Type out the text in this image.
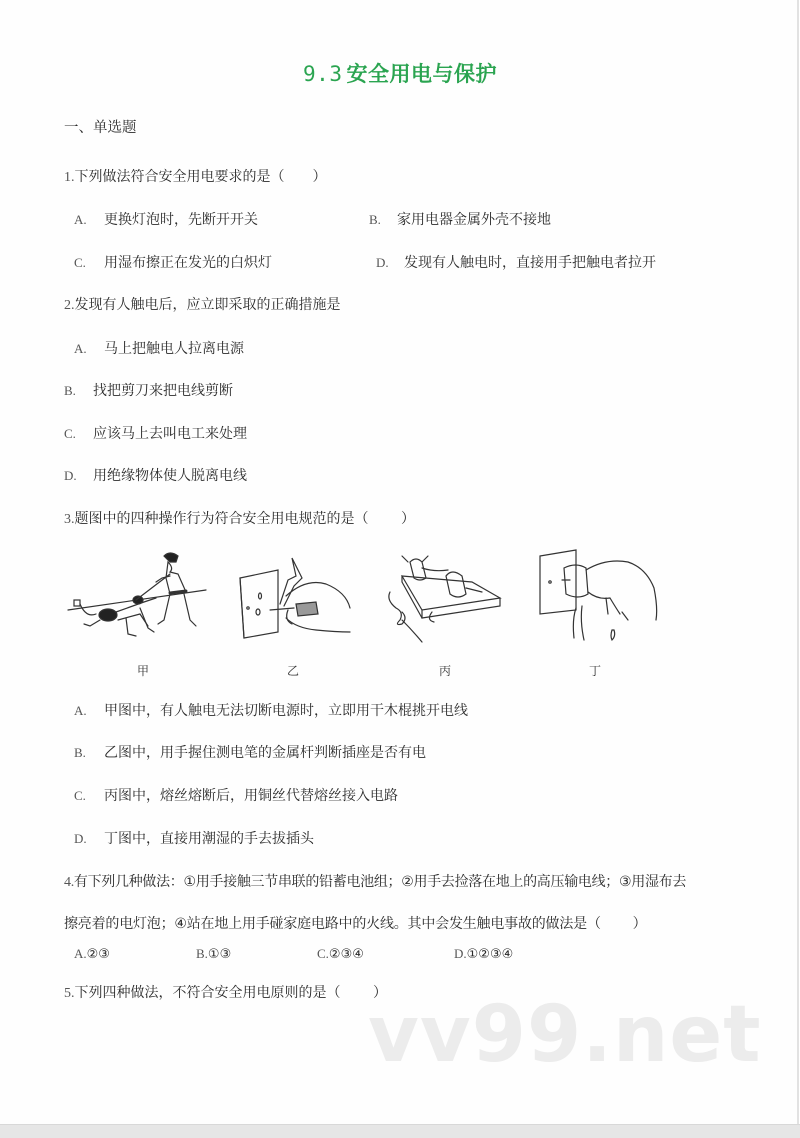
9.3 安全用电与保护
一、单选题
1.下列做法符合安全用电要求的是（　　）
A. 更换灯泡时，先断开开关	B. 家用电器金属外壳不接地
C. 用湿布擦正在发光的白炽灯	D. 发现有人触电时，直接用手把触电者拉开
2.发现有人触电后，应立即采取的正确措施是
A. 马上把触电人拉离电源
B. 找把剪刀来把电线剪断
C. 应该马上去叫电工来处理
D. 用绝缘物体使人脱离电线
3.题图中的四种操作行为符合安全用电规范的是（　　 ）
甲	乙	丙	丁
A. 甲图中，有人触电无法切断电源时，立即用干木棍挑开电线
B. 乙图中，用手握住测电笔的金属杆判断插座是否有电
C. 丙图中，熔丝熔断后，用铜丝代替熔丝接入电路
D. 丁图中，直接用潮湿的手去拔插头
4.有下列几种做法：①用手接触三节串联的铅蓄电池组；②用手去捡落在地上的高压输电线；③用湿布去
擦亮着的电灯泡；④站在地上用手碰家庭电路中的火线。其中会发生触电事故的做法是（　　 ）
A.②③	B.①③	C.②③④	D.①②③④
5.下列四种做法，不符合安全用电原则的是（　　 ）
vv99.net
